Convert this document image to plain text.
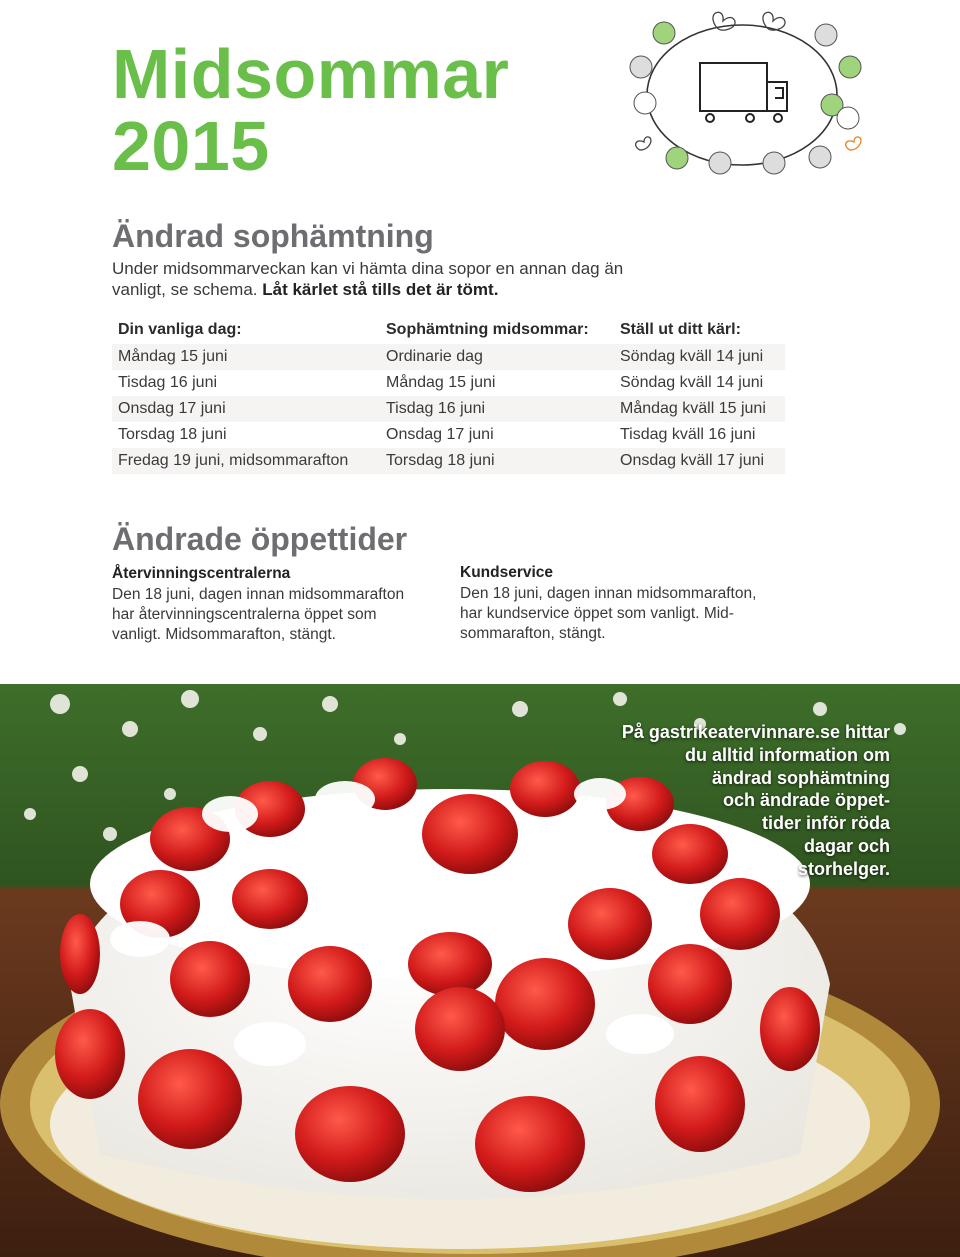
Midsommar
2015
Ändrad sophämtning
Under midsommarveckan kan vi hämta dina sopor en annan dag än vanligt, se schema. Låt kärlet stå tills det är tömt.
Din vanliga dag:	Sophämtning midsommar:	Ställ ut ditt kärl:
Måndag 15 juni	Ordinarie dag	Söndag kväll 14 juni
Tisdag 16 juni	Måndag 15 juni	Söndag kväll 14 juni
Onsdag 17 juni	Tisdag 16 juni	Måndag kväll 15 juni
Torsdag 18 juni	Onsdag 17 juni	Tisdag kväll 16 juni
Fredag 19 juni, midsommarafton	Torsdag 18 juni	Onsdag kväll 17 juni
Ändrade öppettider
Återvinningscentralerna
Den 18 juni, dagen innan midsommarafton
har återvinningscentralerna öppet som
vanligt. Midsommarafton, stängt.
Kundservice
Den 18 juni, dagen innan midsommarafton,
har kundservice öppet som vanligt. Mid-
sommarafton, stängt.
På gastrikeatervinnare.se hittar
du alltid information om
ändrad sophämtning
och ändrade öppet-
tider inför röda
dagar och
storhelger.
